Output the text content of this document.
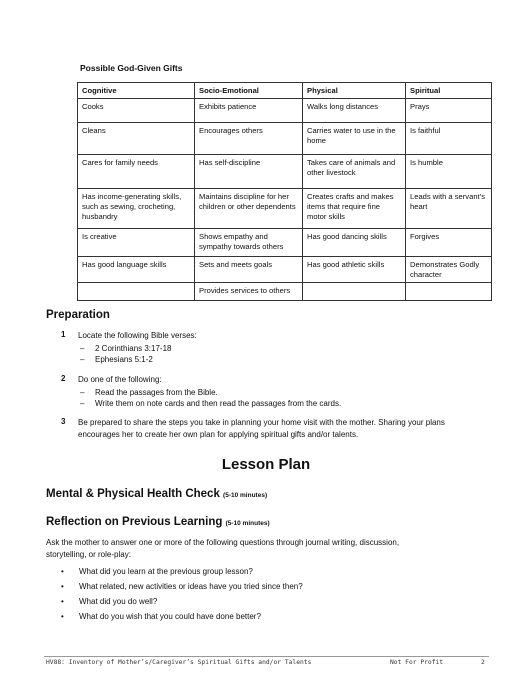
Possible God-Given Gifts
Cognitive	Socio-Emotional	Physical	Spiritual
Cooks	Exhibits patience	Walks long distances	Prays
Cleans	Encourages others	Carries water to use in the home	Is faithful
Cares for family needs	Has self-discipline	Takes care of animals and other livestock	Is humble
Has income-generating skills, such as sewing, crocheting, husbandry	Maintains discipline for her children or other dependents	Creates crafts and makes items that require fine motor skills	Leads with a servant’s heart
Is creative	Shows empathy and sympathy towards others	Has good dancing skills	Forgives
Has good language skills	Sets and meets goals	Has good athletic skills	Demonstrates Godly character
	Provides services to others		
Preparation
1 Locate the following Bible verses:
– 2 Corinthians 3:17-18
– Ephesians 5:1-2
2 Do one of the following:
– Read the passages from the Bible.
– Write them on note cards and then read the passages from the cards.
3 Be prepared to share the steps you take in planning your home visit with the mother. Sharing your plans
encourages her to create her own plan for applying spiritual gifts and/or talents.
Lesson Plan
Mental & Physical Health Check (5-10 minutes)
Reflection on Previous Learning (5-10 minutes)
Ask the mother to answer one or more of the following questions through journal writing, discussion,
storytelling, or role-play:
• What did you learn at the previous group lesson?
• What related, new activities or ideas have you tried since then?
• What did you do well?
• What do you wish that you could have done better?
HV88: Inventory of Mother’s/Caregiver’s Spiritual Gifts and/or Talents	Not For Profit	2
